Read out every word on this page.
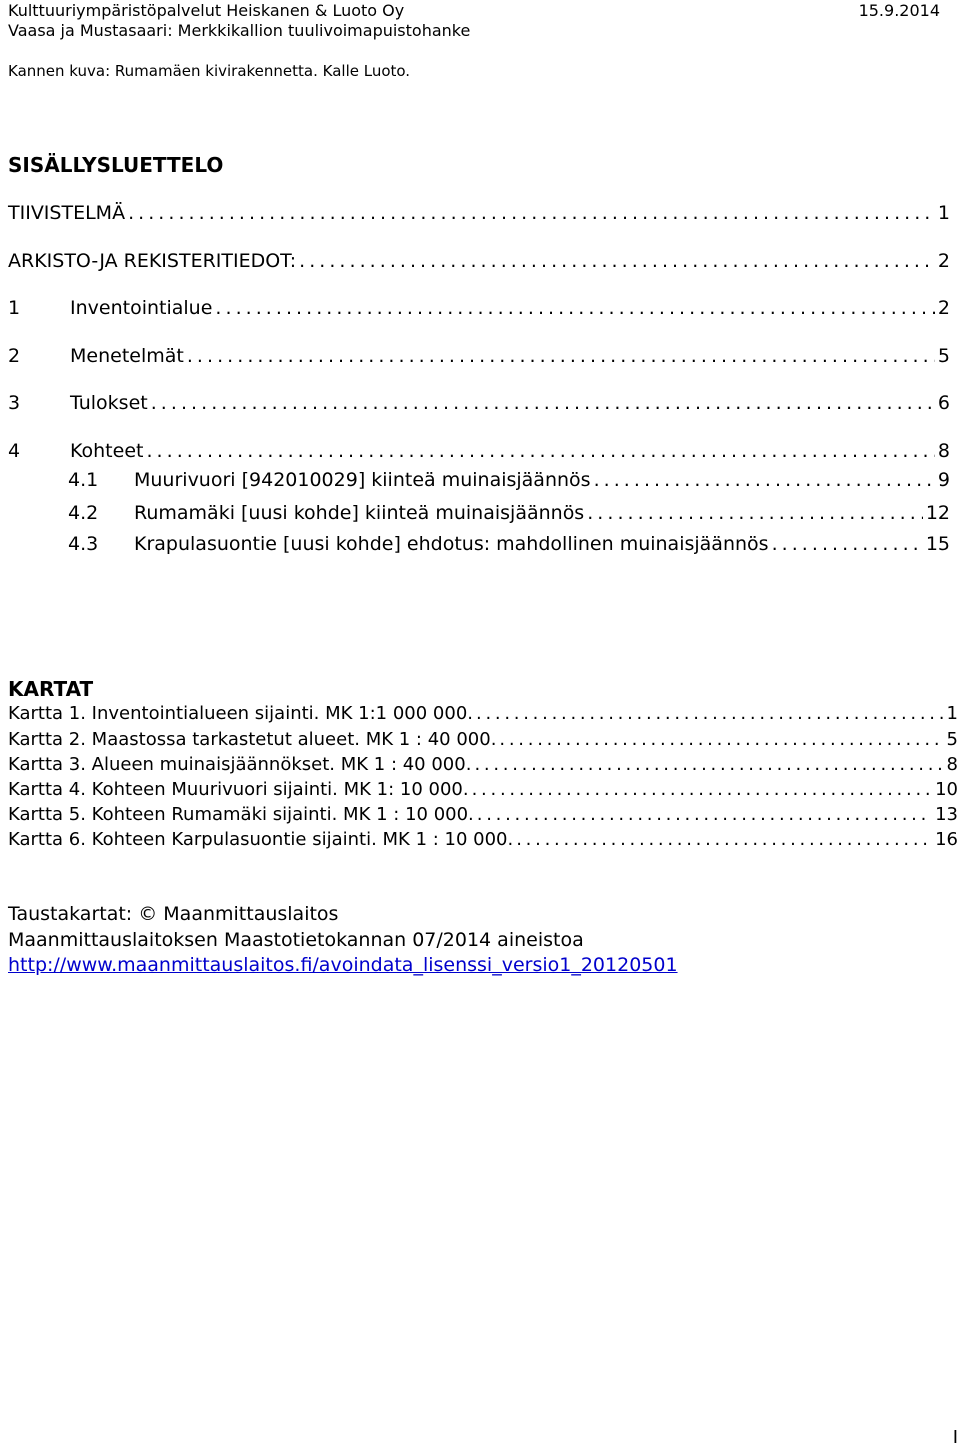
Kulttuuriympäristöpalvelut Heiskanen & Luoto Oy	15.9.2014
Vaasa ja Mustasaari: Merkkikallion tuulivoimapuistohanke
Kannen kuva: Rumamäen kivirakennetta. Kalle Luoto.
SISÄLLYSLUETTELO
TIIVISTELMÄ . . .	1
ARKISTO-JA REKISTERITIEDOT: . . .	2
1	Inventointialue . . .	2
2	Menetelmät . . .	5
3	Tulokset . . .	6
4	Kohteet . . .	8
4.1	Muurivuori [942010029] kiinteä muinaisjäännös . . .	9
4.2	Rumamäki [uusi kohde] kiinteä muinaisjäännös . . .	12
4.3	Krapulasuontie [uusi kohde] ehdotus: mahdollinen muinaisjäännös . . .	15
KARTAT
Kartta 1. Inventointialueen sijainti. MK 1:1 000 000. . . .	1
Kartta 2. Maastossa tarkastetut alueet. MK 1 : 40 000. . . .	5
Kartta 3. Alueen muinaisjäännökset. MK 1 : 40 000. . . .	8
Kartta 4. Kohteen Muurivuori sijainti. MK 1: 10 000. . . .	10
Kartta 5. Kohteen Rumamäki sijainti. MK 1 : 10 000. . . .	13
Kartta 6. Kohteen Karpulasuontie sijainti. MK 1 : 10 000. . . .	16
Taustakartat: © Maanmittauslaitos
Maanmittauslaitoksen Maastotietokannan 07/2014 aineistoa
http://www.maanmittauslaitos.fi/avoindata_lisenssi_versio1_20120501
I
